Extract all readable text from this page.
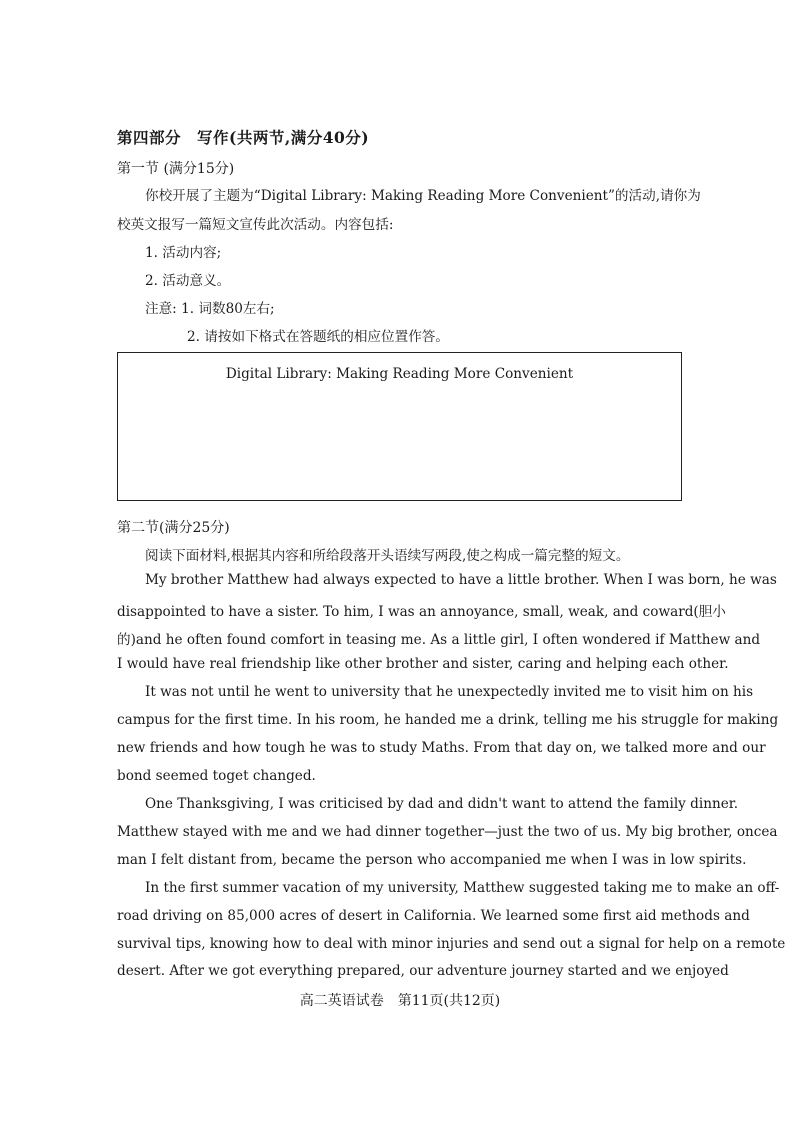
第四部分　写作(共两节,满分40分)
第一节 (满分15分)
你校开展了主题为“Digital Library: Making Reading More Convenient”的活动,请你为
校英文报写一篇短文宣传此次活动。内容包括:
1. 活动内容;
2. 活动意义。
注意: 1. 词数80左右;
2. 请按如下格式在答题纸的相应位置作答。
Digital Library: Making Reading More Convenient
第二节(满分25分)
阅读下面材料,根据其内容和所给段落开头语续写两段,使之构成一篇完整的短文。
My brother Matthew had always expected to have a little brother. When I was born, he was
disappointed to have a sister. To him, I was an annoyance, small, weak, and coward(胆小
的)and he often found comfort in teasing me. As a little girl, I often wondered if Matthew and
I would have real friendship like other brother and sister, caring and helping each other.
It was not until he went to university that he unexpectedly invited me to visit him on his
campus for the first time. In his room, he handed me a drink, telling me his struggle for making
new friends and how tough he was to study Maths. From that day on, we talked more and our
bond seemed toget changed.
One Thanksgiving, I was criticised by dad and didn't want to attend the family dinner.
Matthew stayed with me and we had dinner together—just the two of us. My big brother, oncea
man I felt distant from, became the person who accompanied me when I was in low spirits.
In the first summer vacation of my university, Matthew suggested taking me to make an off-
road driving on 85,000 acres of desert in California. We learned some first aid methods and
survival tips, knowing how to deal with minor injuries and send out a signal for help on a remote
desert. After we got everything prepared, our adventure journey started and we enjoyed
高二英语试卷　第11页(共12页)
